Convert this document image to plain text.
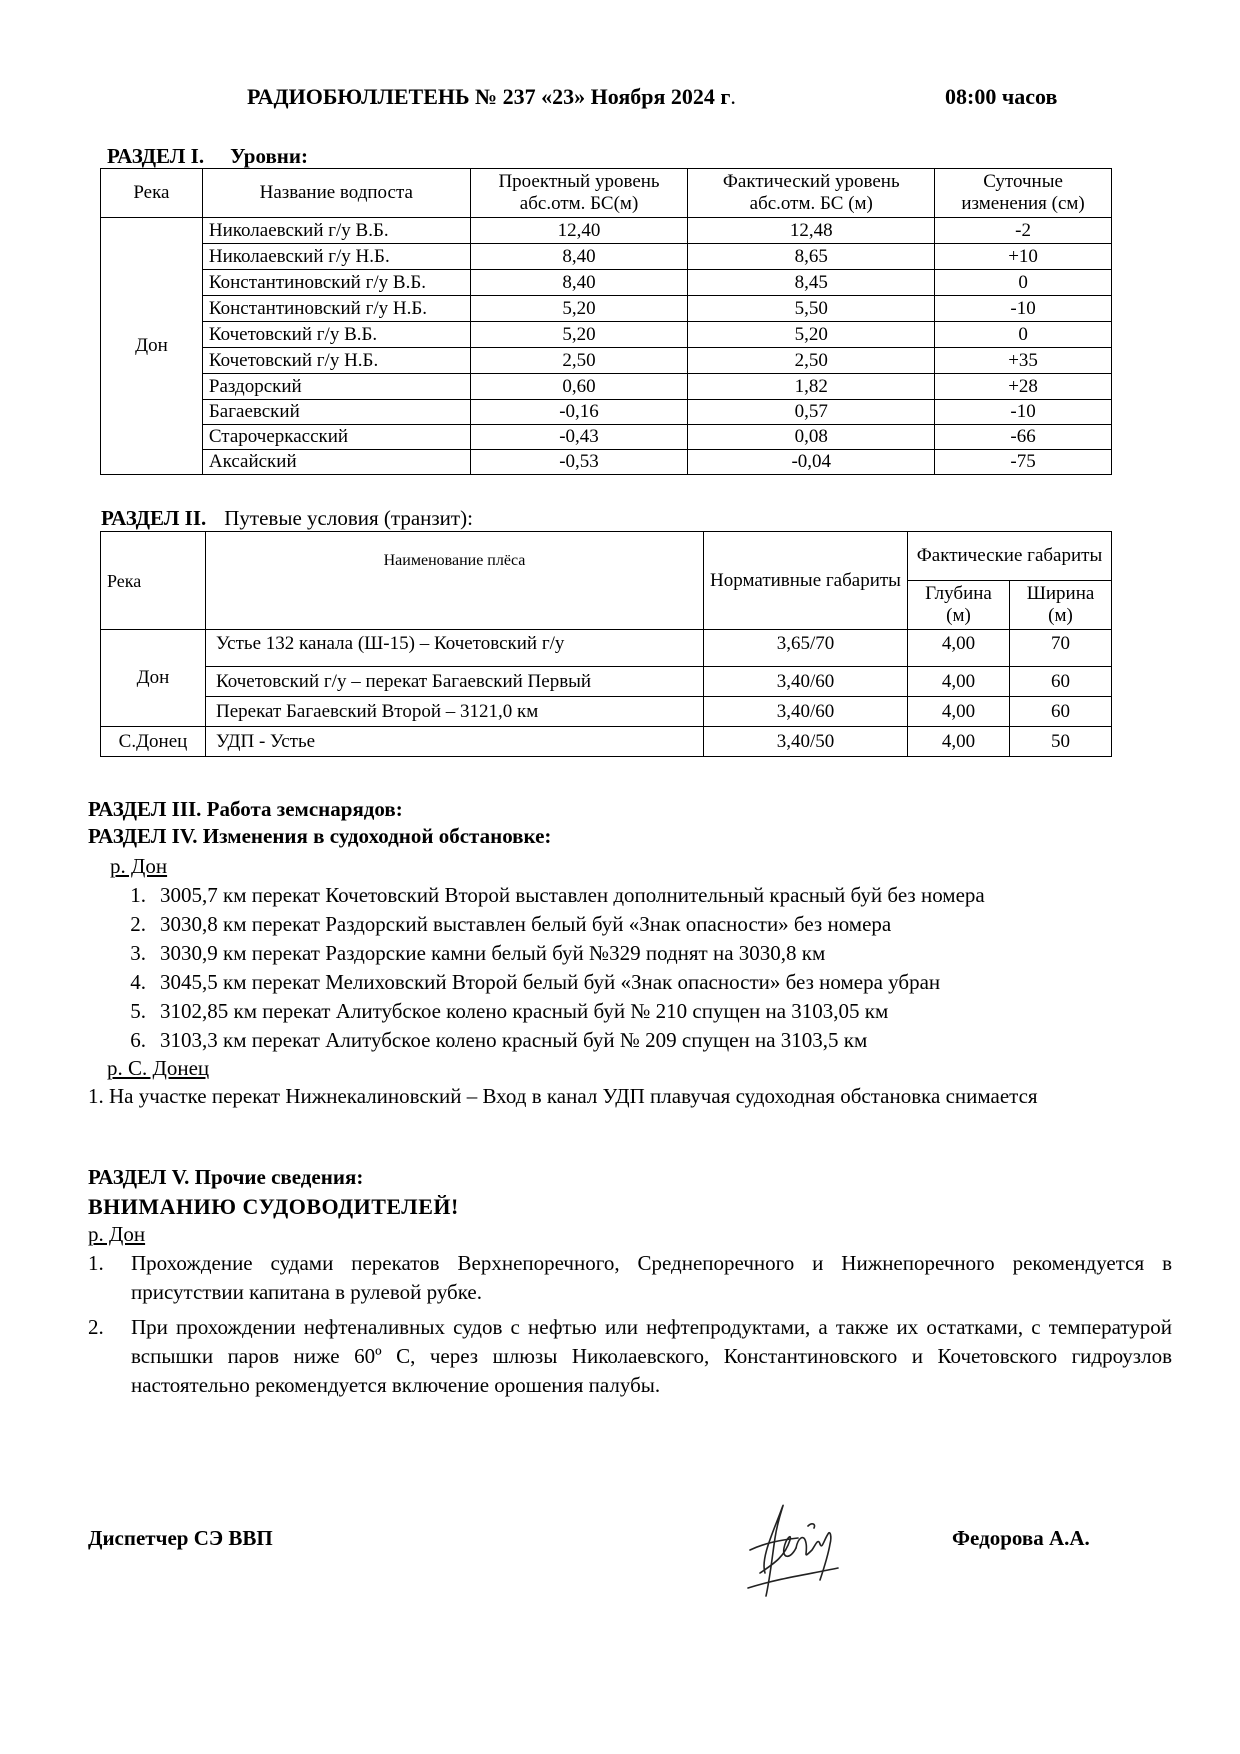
РАДИОБЮЛЛЕТЕНЬ № 237 «23» Ноября 2024 г.	08:00 часов
РАЗДЕЛ I. Уровни:
Река	Название водпоста	Проектный уровень абс.отм. БС(м)	Фактический уровень абс.отм. БС (м)	Суточные изменения (см)
Дон	Николаевский г/у В.Б.	12,40	12,48	-2
	Николаевский г/у Н.Б.	8,40	8,65	+10
	Константиновский г/у В.Б.	8,40	8,45	0
	Константиновский г/у Н.Б.	5,20	5,50	-10
	Кочетовский г/у В.Б.	5,20	5,20	0
	Кочетовский г/у Н.Б.	2,50	2,50	+35
	Раздорский	0,60	1,82	+28
	Багаевский	-0,16	0,57	-10
	Старочеркасский	-0,43	0,08	-66
	Аксайский	-0,53	-0,04	-75
РАЗДЕЛ II. Путевые условия (транзит):
Река	Наименование плёса	Нормативные габариты	Фактические габариты	
			Глубина (м)	Ширина (м)
Дон	Устье 132 канала (Ш-15) – Кочетовский г/у	3,65/70	4,00	70
	Кочетовский г/у – перекат Багаевский Первый	3,40/60	4,00	60
	Перекат Багаевский Второй – 3121,0 км	3,40/60	4,00	60
С.Донец	УДП - Устье	3,40/50	4,00	50
РАЗДЕЛ III. Работа земснарядов:
РАЗДЕЛ IV. Изменения в судоходной обстановке:
р. Дон
1. 3005,7 км перекат Кочетовский Второй выставлен дополнительный красный буй без номера
2. 3030,8 км перекат Раздорский выставлен белый буй «Знак опасности» без номера
3. 3030,9 км перекат Раздорские камни белый буй №329 поднят на 3030,8 км
4. 3045,5 км перекат Мелиховский Второй белый буй «Знак опасности» без номера убран
5. 3102,85 км перекат Алитубское колено красный буй № 210 спущен на 3103,05 км
6. 3103,3 км перекат Алитубское колено красный буй № 209 спущен на 3103,5 км
р. С. Донец
1. На участке перекат Нижнекалиновский – Вход в канал УДП плавучая судоходная обстановка снимается
РАЗДЕЛ V. Прочие сведения:
ВНИМАНИЮ СУДОВОДИТЕЛЕЙ!
р. Дон
1. Прохождение судами перекатов Верхнепоречного, Среднепоречного и Нижнепоречного рекомендуется в присутствии капитана в рулевой рубке.
2. При прохождении нефтеналивных судов с нефтью или нефтепродуктами, а также их остатками, с температурой вспышки паров ниже 60º С, через шлюзы Николаевского, Константиновского и Кочетовского гидроузлов настоятельно рекомендуется включение орошения палубы.
Диспетчер СЭ ВВП	Федорова А.А.
